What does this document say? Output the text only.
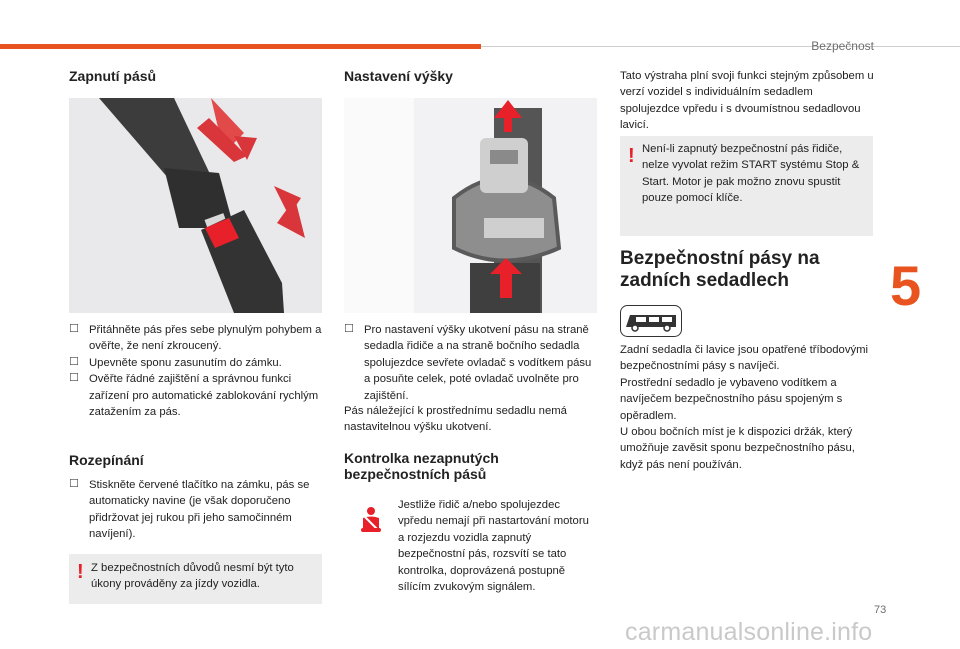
Bezpečnost
5
Zapnutí pásů
☐ Přitáhněte pás přes sebe plynulým pohybem a ověřte, že není zkroucený.
☐ Upevněte sponu zasunutím do zámku.
☐ Ověřte řádné zajištění a správnou funkci zařízení pro automatické zablokování rychlým zatažením za pás.
Rozepínání
☐ Stiskněte červené tlačítko na zámku, pás se automaticky navine (je však doporučeno přidržovat jej rukou při jeho samočinném navíjení).
! Z bezpečnostních důvodů nesmí být tyto úkony prováděny za jízdy vozidla.
Nastavení výšky
☐ Pro nastavení výšky ukotvení pásu na straně sedadla řidiče a na straně bočního sedadla spolujezdce sevřete ovladač s vodítkem pásu a posuňte celek, poté ovladač uvolněte pro zajištění.
Pás náležející k prostřednímu sedadlu nemá nastavitelnou výšku ukotvení.
Kontrolka nezapnutých bezpečnostních pásů
Jestliže řidič a/nebo spolujezdec vpředu nemají při nastartování motoru a rozjezdu vozidla zapnutý bezpečnostní pás, rozsvítí se tato kontrolka, doprovázená postupně sílícím zvukovým signálem.
Tato výstraha plní svoji funkci stejným způsobem u verzí vozidel s individuálním sedadlem spolujezdce vpředu i s dvoumístnou sedadlovou lavicí.
! Není-li zapnutý bezpečnostní pás řidiče, nelze vyvolat režim START systému Stop & Start. Motor je pak možno znovu spustit pouze pomocí klíče.
Bezpečnostní pásy na zadních sedadlech
Zadní sedadla či lavice jsou opatřené tříbodovými bezpečnostními pásy s navíječi.
Prostřední sedadlo je vybaveno vodítkem a navíječem bezpečnostního pásu spojeným s opěradlem.
U obou bočních míst je k dispozici držák, který umožňuje zavěsit sponu bezpečnostního pásu, když pás není používán.
73
carmanualsonline.info
